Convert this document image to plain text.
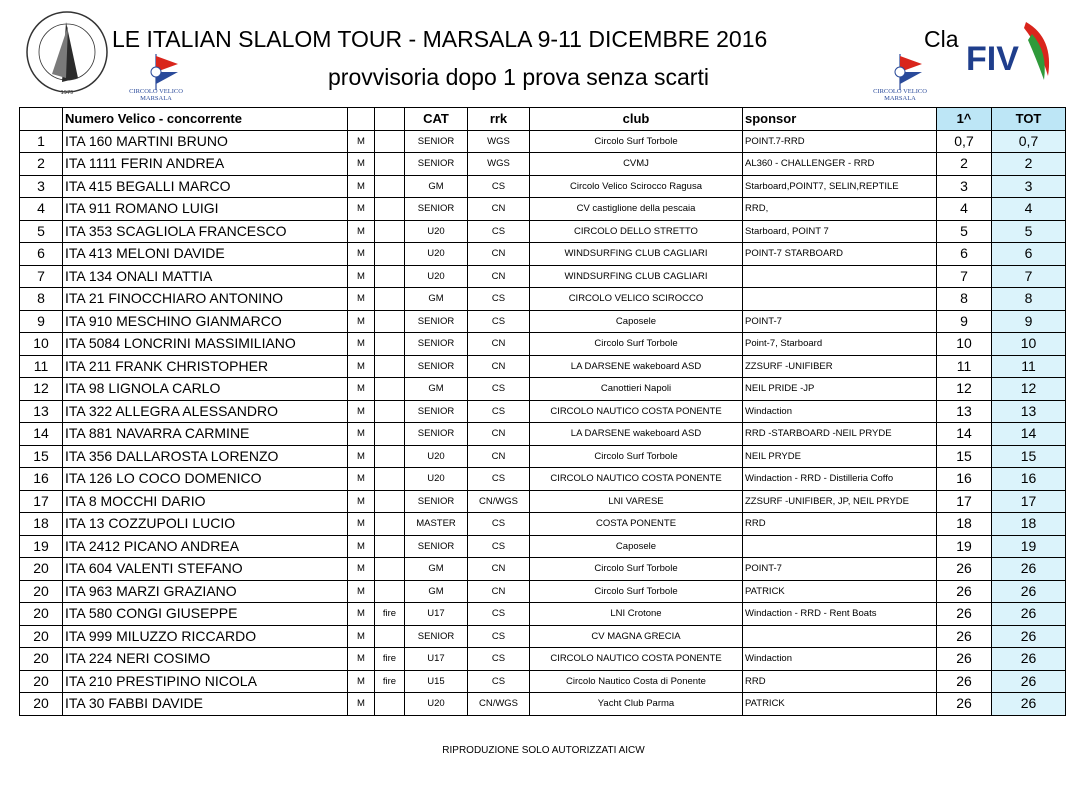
1975	CIRCOLO VELICO MARSALA
CIRCOLO VELICO MARSALA
FIV
LE ITALIAN SLALOM TOUR - MARSALA 9-11 DICEMBRE 2016	Cla
provvisoria dopo 1 prova senza scarti
	Numero Velico - concorrente			CAT	rrk	club	sponsor	1^	TOT
1	ITA 160 MARTINI BRUNO	M		SENIOR	WGS	Circolo Surf Torbole	POINT.7-RRD	0,7	0,7
2	ITA 1111 FERIN ANDREA	M		SENIOR	WGS	CVMJ	AL360 - CHALLENGER - RRD	2	2
3	ITA 415 BEGALLI MARCO	M		GM	CS	Circolo Velico Scirocco Ragusa	Starboard,POINT7, SELIN,REPTILE	3	3
4	ITA 911 ROMANO LUIGI	M		SENIOR	CN	CV castiglione della pescaia	RRD,	4	4
5	ITA 353 SCAGLIOLA FRANCESCO	M		U20	CS	CIRCOLO DELLO STRETTO	Starboard, POINT 7	5	5
6	ITA 413 MELONI DAVIDE	M		U20	CN	WINDSURFING CLUB CAGLIARI	POINT-7 STARBOARD	6	6
7	ITA 134 ONALI MATTIA	M		U20	CN	WINDSURFING CLUB CAGLIARI		7	7
8	ITA 21 FINOCCHIARO ANTONINO	M		GM	CS	CIRCOLO VELICO SCIROCCO		8	8
9	ITA 910 MESCHINO GIANMARCO	M		SENIOR	CS	Caposele	POINT-7	9	9
10	ITA 5084 LONCRINI MASSIMILIANO	M		SENIOR	CN	Circolo Surf Torbole	Point-7, Starboard	10	10
11	ITA 211 FRANK CHRISTOPHER	M		SENIOR	CN	LA DARSENE wakeboard ASD	ZZSURF -UNIFIBER	11	11
12	ITA 98 LIGNOLA CARLO	M		GM	CS	Canottieri Napoli	NEIL PRIDE -JP	12	12
13	ITA 322 ALLEGRA ALESSANDRO	M		SENIOR	CS	CIRCOLO NAUTICO COSTA PONENTE	Windaction	13	13
14	ITA 881 NAVARRA CARMINE	M		SENIOR	CN	LA DARSENE wakeboard ASD	RRD -STARBOARD -NEIL PRYDE	14	14
15	ITA 356 DALLAROSTA LORENZO	M		U20	CN	Circolo Surf Torbole	NEIL PRYDE	15	15
16	ITA 126 LO COCO DOMENICO	M		U20	CS	CIRCOLO NAUTICO COSTA PONENTE	Windaction - RRD - Distilleria Coffo	16	16
17	ITA 8 MOCCHI DARIO	M		SENIOR	CN/WGS	LNI VARESE	ZZSURF -UNIFIBER, JP, NEIL PRYDE	17	17
18	ITA 13 COZZUPOLI LUCIO	M		MASTER	CS	COSTA PONENTE	RRD	18	18
19	ITA 2412 PICANO ANDREA	M		SENIOR	CS	Caposele		19	19
20	ITA 604 VALENTI STEFANO	M		GM	CN	Circolo Surf Torbole	POINT-7	26	26
20	ITA 963 MARZI GRAZIANO	M		GM	CN	Circolo Surf Torbole	PATRICK	26	26
20	ITA 580 CONGI GIUSEPPE	M	fire	U17	CS	LNI Crotone	Windaction - RRD - Rent Boats	26	26
20	ITA 999 MILUZZO RICCARDO	M		SENIOR	CS	CV MAGNA GRECIA		26	26
20	ITA 224 NERI COSIMO	M	fire	U17	CS	CIRCOLO NAUTICO COSTA PONENTE	Windaction	26	26
20	ITA 210 PRESTIPINO NICOLA	M	fire	U15	CS	Circolo Nautico Costa di Ponente	RRD	26	26
20	ITA 30 FABBI DAVIDE	M		U20	CN/WGS	Yacht Club Parma	PATRICK	26	26
RIPRODUZIONE SOLO AUTORIZZATI AICW
